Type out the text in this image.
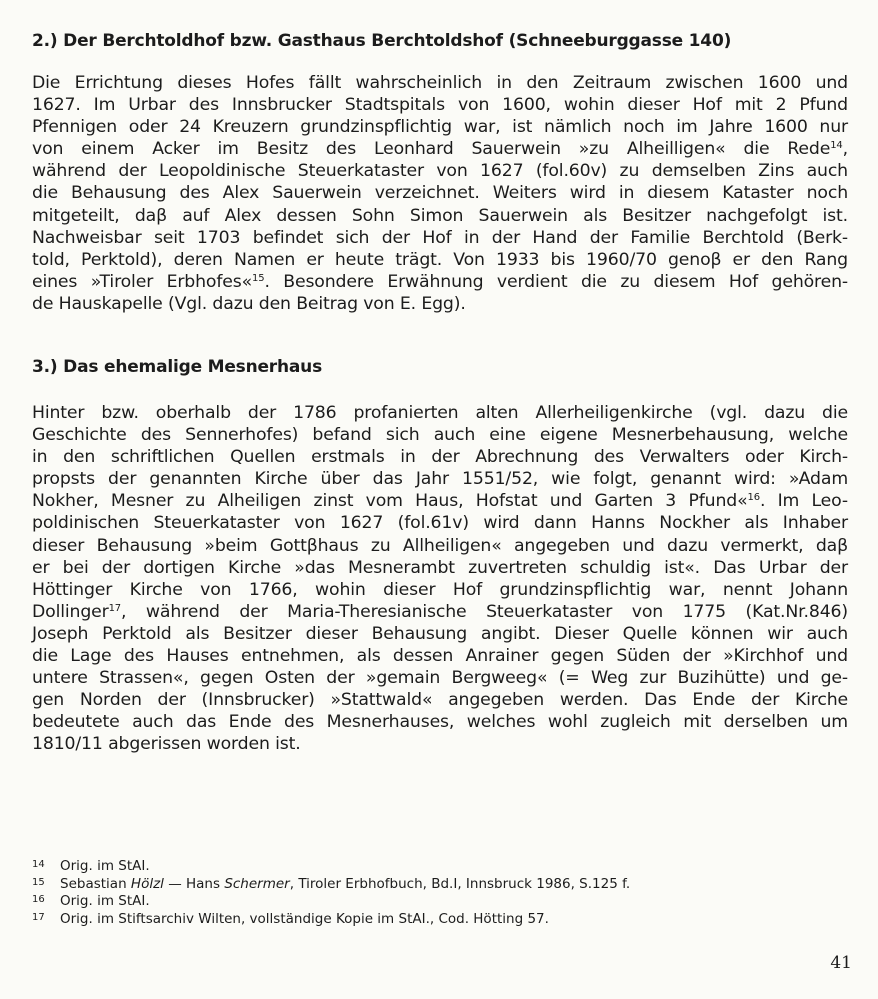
2.) Der Berchtoldhof bzw. Gasthaus Berchtoldshof (Schneeburggasse 140)
Die Errichtung dieses Hofes fällt wahrscheinlich in den Zeitraum zwischen 1600 und
1627. Im Urbar des Innsbrucker Stadtspitals von 1600, wohin dieser Hof mit 2 Pfund
Pfennigen oder 24 Kreuzern grundzinspflichtig war, ist nämlich noch im Jahre 1600 nur
von einem Acker im Besitz des Leonhard Sauerwein »zu Alheilligen« die Rede$^{14}$,
während der Leopoldinische Steuerkataster von 1627 (fol.60v) zu demselben Zins auch
die Behausung des Alex Sauerwein verzeichnet. Weiters wird in diesem Kataster noch
mitgeteilt, daβ auf Alex dessen Sohn Simon Sauerwein als Besitzer nachgefolgt ist.
Nachweisbar seit 1703 befindet sich der Hof in der Hand der Familie Berchtold (Berk-
told, Perktold), deren Namen er heute trägt. Von 1933 bis 1960/70 genoβ er den Rang
eines »Tiroler Erbhofes«$^{15}$. Besondere Erwähnung verdient die zu diesem Hof gehören-
de Hauskapelle (Vgl. dazu den Beitrag von E. Egg).
3.) Das ehemalige Mesnerhaus
Hinter bzw. oberhalb der 1786 profanierten alten Allerheiligenkirche (vgl. dazu die
Geschichte des Sennerhofes) befand sich auch eine eigene Mesnerbehausung, welche
in den schriftlichen Quellen erstmals in der Abrechnung des Verwalters oder Kirch-
propsts der genannten Kirche über das Jahr 1551/52, wie folgt, genannt wird: »Adam
Nokher, Mesner zu Alheiligen zinst vom Haus, Hofstat und Garten 3 Pfund«$^{16}$. Im Leo-
poldinischen Steuerkataster von 1627 (fol.61v) wird dann Hanns Nockher als Inhaber
dieser Behausung »beim Gottβhaus zu Allheiligen« angegeben und dazu vermerkt, daβ
er bei der dortigen Kirche »das Mesnerambt zuvertreten schuldig ist«. Das Urbar der
Höttinger Kirche von 1766, wohin dieser Hof grundzinspflichtig war, nennt Johann
Dollinger$^{17}$, während der Maria-Theresianische Steuerkataster von 1775 (Kat.Nr.846)
Joseph Perktold als Besitzer dieser Behausung angibt. Dieser Quelle können wir auch
die Lage des Hauses entnehmen, als dessen Anrainer gegen Süden der »Kirchhof und
untere Strassen«, gegen Osten der »gemain Bergweeg« (= Weg zur Buzihütte) und ge-
gen Norden der (Innsbrucker) »Stattwald« angegeben werden. Das Ende der Kirche
bedeutete auch das Ende des Mesnerhauses, welches wohl zugleich mit derselben um
1810/11 abgerissen worden ist.
14	Orig. im StAI.
15	Sebastian Hölzl — Hans Schermer, Tiroler Erbhofbuch, Bd.I, Innsbruck 1986, S.125 f.
16	Orig. im StAI.
17	Orig. im Stiftsarchiv Wilten, vollständige Kopie im StAI., Cod. Hötting 57.
41
